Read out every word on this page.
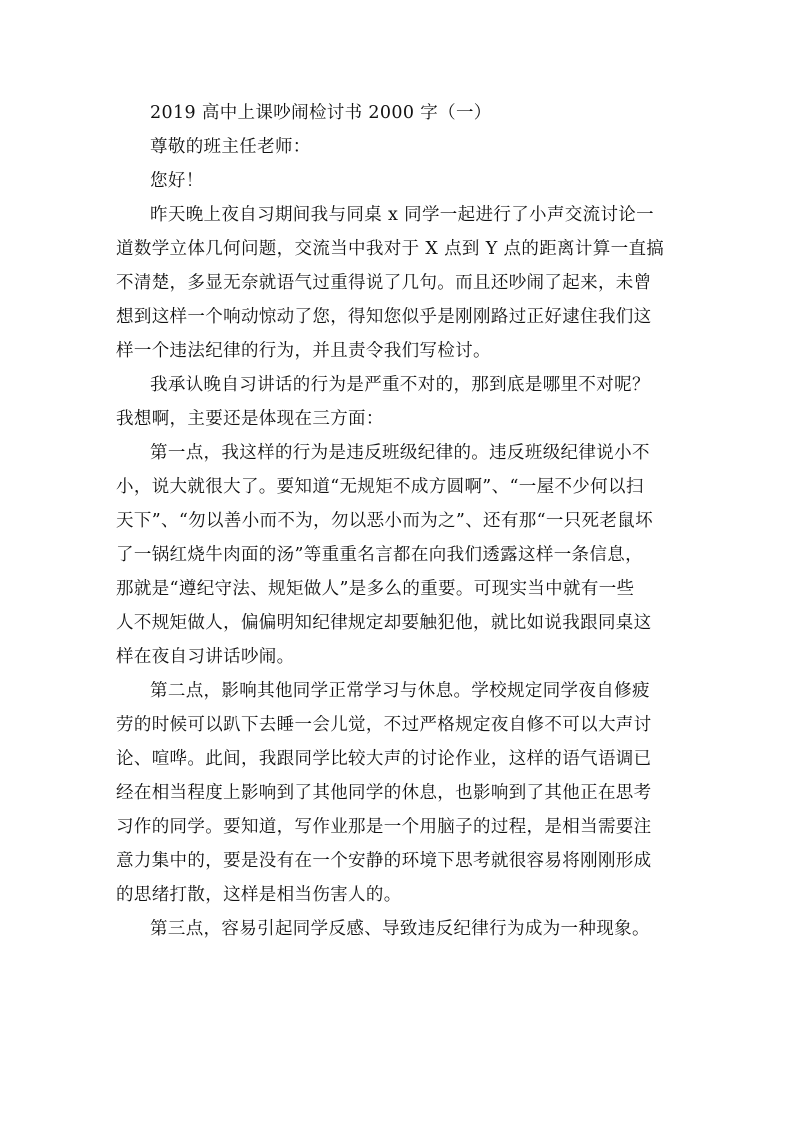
2019 高中上课吵闹检讨书 2000 字（一）

尊敬的班主任老师：

您好！

昨天晚上夜自习期间我与同桌 x 同学一起进行了小声交流讨论一

道数学立体几何问题，交流当中我对于 X 点到 Y 点的距离计算一直搞

不清楚，多显无奈就语气过重得说了几句。而且还吵闹了起来，未曾

想到这样一个响动惊动了您，得知您似乎是刚刚路过正好逮住我们这

样一个违法纪律的行为，并且责令我们写检讨。

我承认晚自习讲话的行为是严重不对的，那到底是哪里不对呢？

我想啊，主要还是体现在三方面：

第一点，我这样的行为是违反班级纪律的。违反班级纪律说小不

小，说大就很大了。要知道“无规矩不成方圆啊”、“一屋不少何以扫

天下”、“勿以善小而不为，勿以恶小而为之”、还有那“一只死老鼠坏

了一锅红烧牛肉面的汤”等重重名言都在向我们透露这样一条信息，

那就是“遵纪守法、规矩做人”是多么的重要。可现实当中就有一些

人不规矩做人，偏偏明知纪律规定却要触犯他，就比如说我跟同桌这

样在夜自习讲话吵闹。

第二点，影响其他同学正常学习与休息。学校规定同学夜自修疲

劳的时候可以趴下去睡一会儿觉，不过严格规定夜自修不可以大声讨

论、喧哗。此间，我跟同学比较大声的讨论作业，这样的语气语调已

经在相当程度上影响到了其他同学的休息，也影响到了其他正在思考

习作的同学。要知道，写作业那是一个用脑子的过程，是相当需要注

意力集中的，要是没有在一个安静的环境下思考就很容易将刚刚形成

的思绪打散，这样是相当伤害人的。

第三点，容易引起同学反感、导致违反纪律行为成为一种现象。
